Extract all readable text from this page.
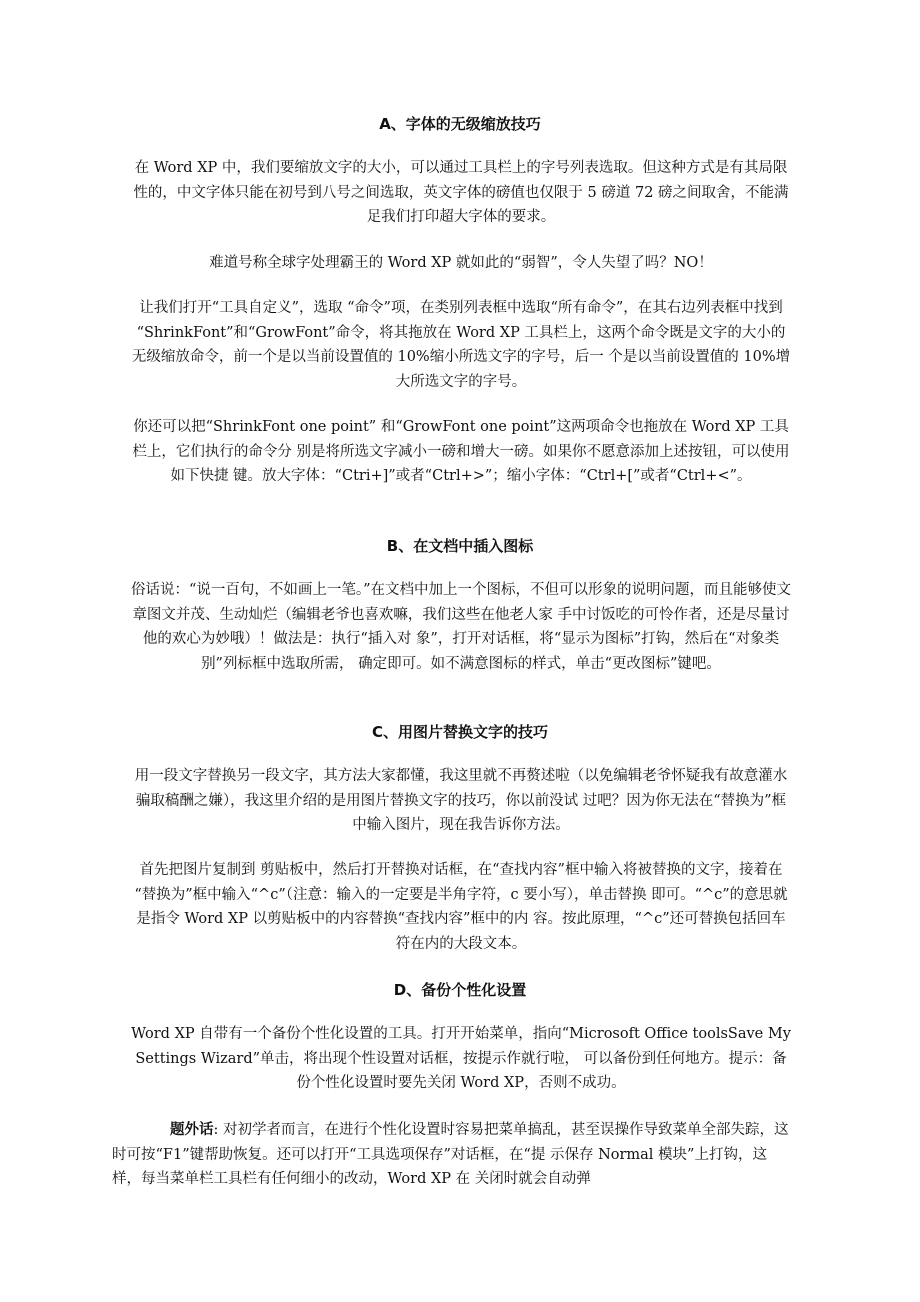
A、字体的无级缩放技巧

在 Word XP 中，我们要缩放文字的大小，可以通过工具栏上的字号列表选取。但这种方式是有其局限性的，中文字体只能在初号到八号之间选取，英文字体的磅值也仅限于 5 磅道 72 磅之间取舍，不能满足我们打印超大字体的要求。

难道号称全球字处理霸王的 Word XP 就如此的“弱智”，令人失望了吗？NO！

让我们打开“工具自定义”，选取 “命令”项，在类别列表框中选取“所有命令”，在其右边列表框中找到 “ShrinkFont”和“GrowFont”命令，将其拖放在 Word XP 工具栏上，这两个命令既是文字的大小的无级缩放命令，前一个是以当前设置值的 10%缩小所选文字的字号，后一 个是以当前设置值的 10%增大所选文字的字号。

你还可以把“ShrinkFont one point” 和“GrowFont one point”这两项命令也拖放在 Word XP 工具栏上，它们执行的命令分 别是将所选文字减小一磅和增大一磅。如果你不愿意添加上述按钮，可以使用如下快捷 键。放大字体：“Ctri+]”或者“Ctrl+>”；缩小字体：“Ctrl+[”或者“Ctrl+<”。

B、在文档中插入图标

俗话说：“说一百句，不如画上一笔。”在文档中加上一个图标，不但可以形象的说明问题，而且能够使文章图文并茂、生动灿烂（编辑老爷也喜欢嘛，我们这些在他老人家 手中讨饭吃的可怜作者，还是尽量讨他的欢心为妙哦）！做法是：执行“插入对 象”，打开对话框，将“显示为图标”打钩，然后在“对象类别”列标框中选取所需， 确定即可。如不满意图标的样式，单击“更改图标”键吧。

C、用图片替换文字的技巧

用一段文字替换另一段文字，其方法大家都懂，我这里就不再赘述啦（以免编辑老爷怀疑我有故意灌水骗取稿酬之嫌），我这里介绍的是用图片替换文字的技巧，你以前没试 过吧？因为你无法在“替换为”框中输入图片，现在我告诉你方法。

首先把图片复制到 剪贴板中，然后打开替换对话框，在“查找内容”框中输入将被替换的文字，接着在 “替换为”框中输入“^c”（注意：输入的一定要是半角字符，c 要小写），单击替换 即可。“^c”的意思就是指令 Word XP 以剪贴板中的内容替换“查找内容”框中的内 容。按此原理，“^c”还可替换包括回车符在内的大段文本。

D、备份个性化设置

Word XP 自带有一个备份个性化设置的工具。打开开始菜单，指向“Microsoft Office toolsSave My Settings Wizard”单击，将出现个性设置对话框，按提示作就行啦， 可以备份到任何地方。提示：备份个性化设置时要先关闭 Word XP，否则不成功。

题外话: 对初学者而言，在进行个性化设置时容易把菜单搞乱，甚至误操作导致菜单全部失踪，这时可按“F1”键帮助恢复。还可以打开“工具选项保存”对话框，在“提 示保存 Normal 模块”上打钩，这样，每当菜单栏工具栏有任何细小的改动，Word XP 在 关闭时就会自动弹
